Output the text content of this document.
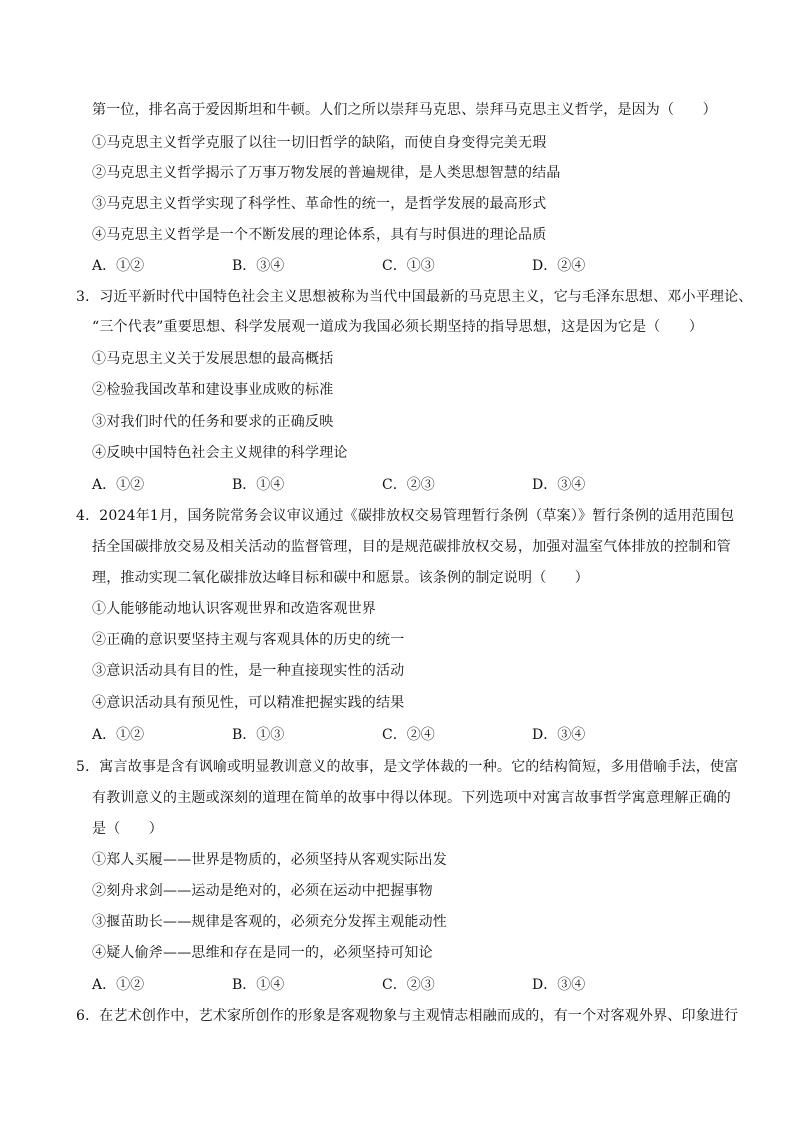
第一位，排名高于爱因斯坦和牛顿。人们之所以崇拜马克思、崇拜马克思主义哲学，是因为（　　）
①马克思主义哲学克服了以往一切旧哲学的缺陷，而使自身变得完美无瑕
②马克思主义哲学揭示了万事万物发展的普遍规律，是人类思想智慧的结晶
③马克思主义哲学实现了科学性、革命性的统一，是哲学发展的最高形式
④马克思主义哲学是一个不断发展的理论体系，具有与时俱进的理论品质
A．①②	B．③④	C．①③	D．②④
3．习近平新时代中国特色社会主义思想被称为当代中国最新的马克思主义，它与毛泽东思想、邓小平理论、
“三个代表”重要思想、科学发展观一道成为我国必须长期坚持的指导思想，这是因为它是（　　）
①马克思主义关于发展思想的最高概括
②检验我国改革和建设事业成败的标准
③对我们时代的任务和要求的正确反映
④反映中国特色社会主义规律的科学理论
A．①②	B．①④	C．②③	D．③④
4．2024年1月，国务院常务会议审议通过《碳排放权交易管理暂行条例（草案）》暂行条例的适用范围包
括全国碳排放交易及相关活动的监督管理，目的是规范碳排放权交易，加强对温室气体排放的控制和管
理，推动实现二氧化碳排放达峰目标和碳中和愿景。该条例的制定说明（　　）
①人能够能动地认识客观世界和改造客观世界
②正确的意识要坚持主观与客观具体的历史的统一
③意识活动具有目的性，是一种直接现实性的活动
④意识活动具有预见性，可以精准把握实践的结果
A．①②	B．①③	C．②④	D．③④
5．寓言故事是含有讽喻或明显教训意义的故事，是文学体裁的一种。它的结构简短，多用借喻手法，使富
有教训意义的主题或深刻的道理在简单的故事中得以体现。下列选项中对寓言故事哲学寓意理解正确的
是（　　）
①郑人买履——世界是物质的，必须坚持从客观实际出发
②刻舟求剑——运动是绝对的，必须在运动中把握事物
③揠苗助长——规律是客观的，必须充分发挥主观能动性
④疑人偷斧——思维和存在是同一的，必须坚持可知论
A．①②	B．①④	C．②③	D．③④
6．在艺术创作中，艺术家所创作的形象是客观物象与主观情志相融而成的，有一个对客观外界、印象进行
